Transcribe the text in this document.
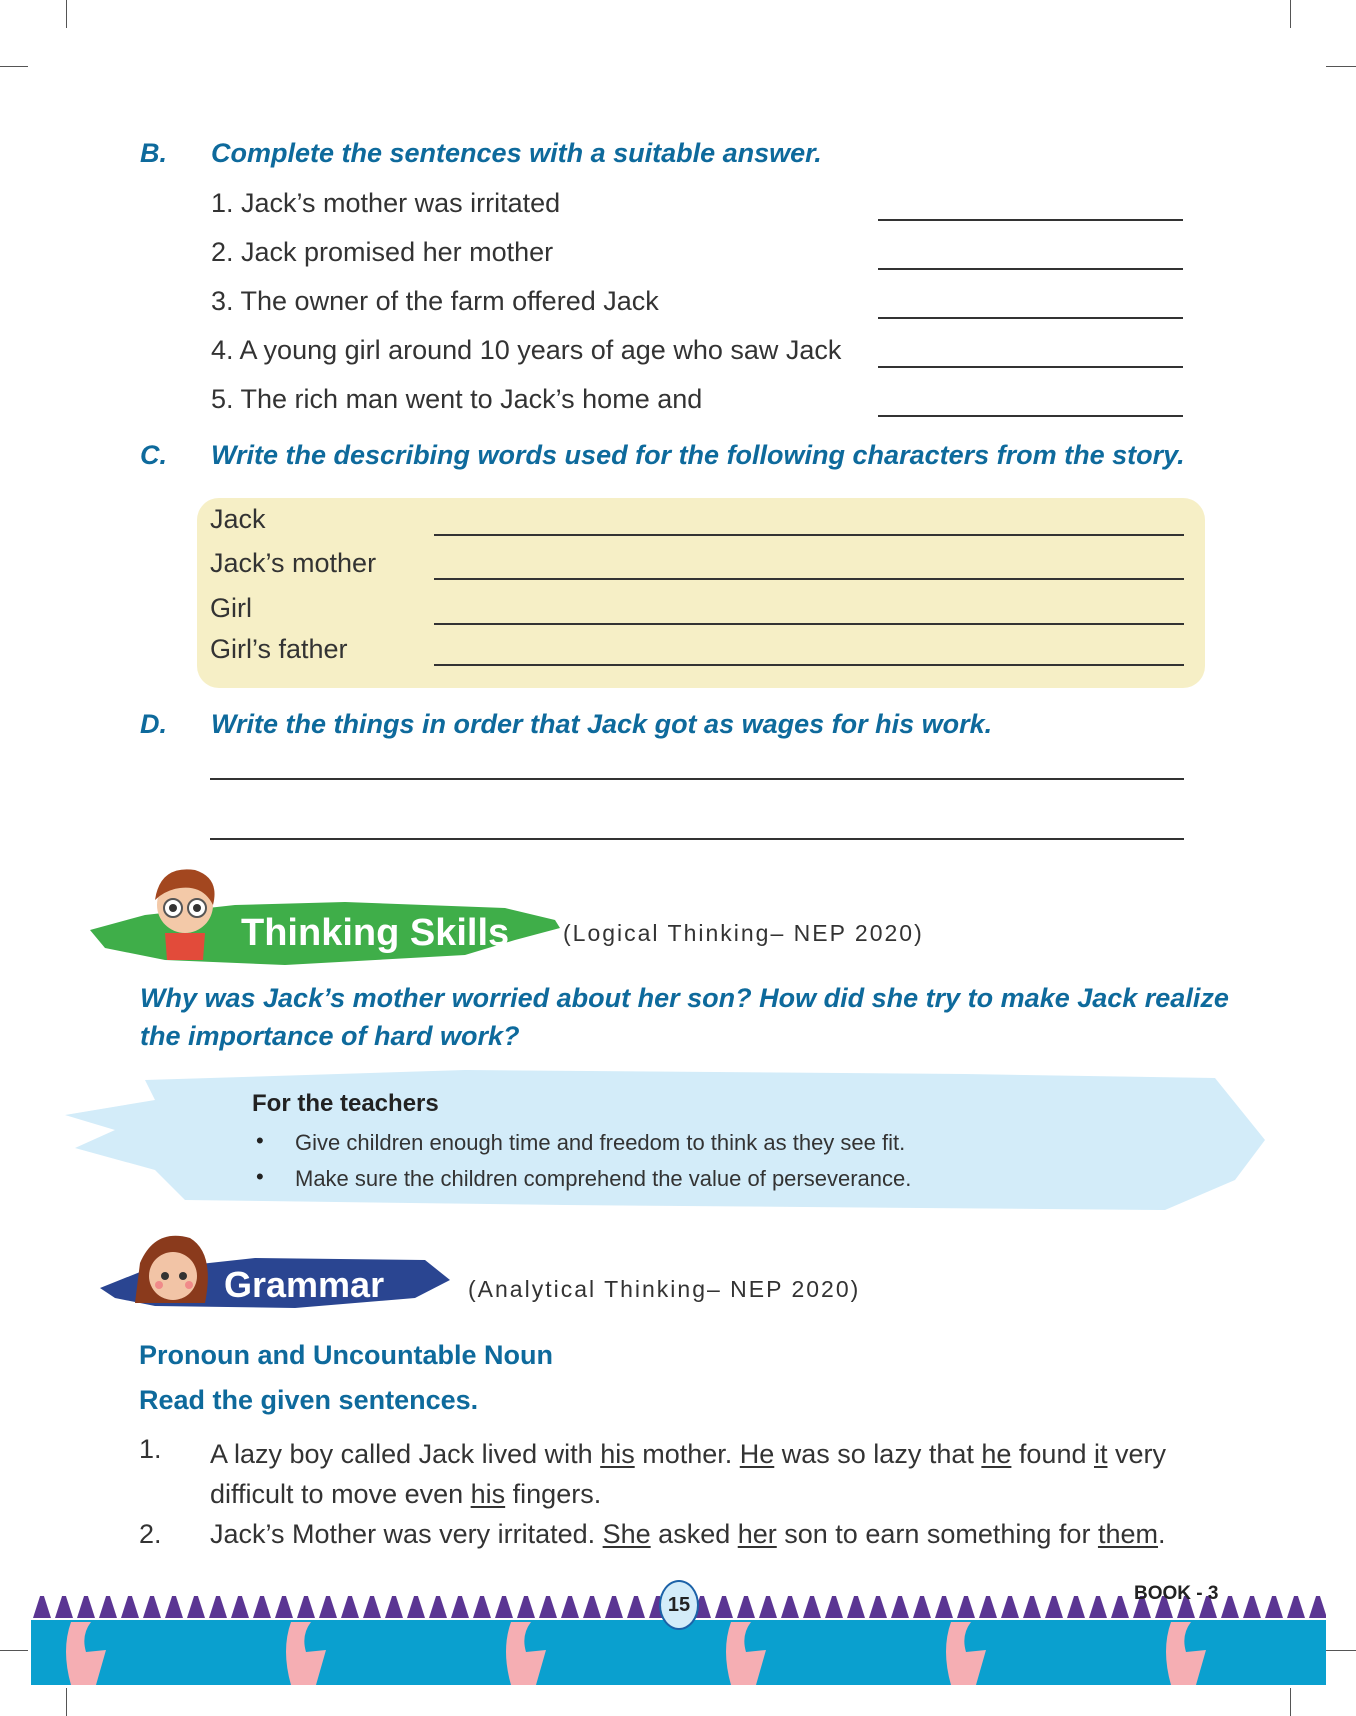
B. Complete the sentences with a suitable answer.
1. Jack’s mother was irritated
2. Jack promised her mother
3. The owner of the farm offered Jack
4. A young girl around 10 years of age who saw Jack
5. The rich man went to Jack’s home and
C. Write the describing words used for the following characters from the story.
Jack
Jack’s mother
Girl
Girl’s father
D. Write the things in order that Jack got as wages for his work.
Thinking Skills (Logical Thinking– NEP 2020)
Why was Jack’s mother worried about her son? How did she try to make Jack realize
the importance of hard work?
For the teachers
• Give children enough time and freedom to think as they see fit.
• Make sure the children comprehend the value of perseverance.
Grammar	(Analytical Thinking– NEP 2020)
Pronoun and Uncountable Noun
Read the given sentences.
1. A lazy boy called Jack lived with his mother. He was so lazy that he found it very
difficult to move even his fingers.
2. Jack’s Mother was very irritated. She asked her son to earn something for them.
15
BOOK - 3
